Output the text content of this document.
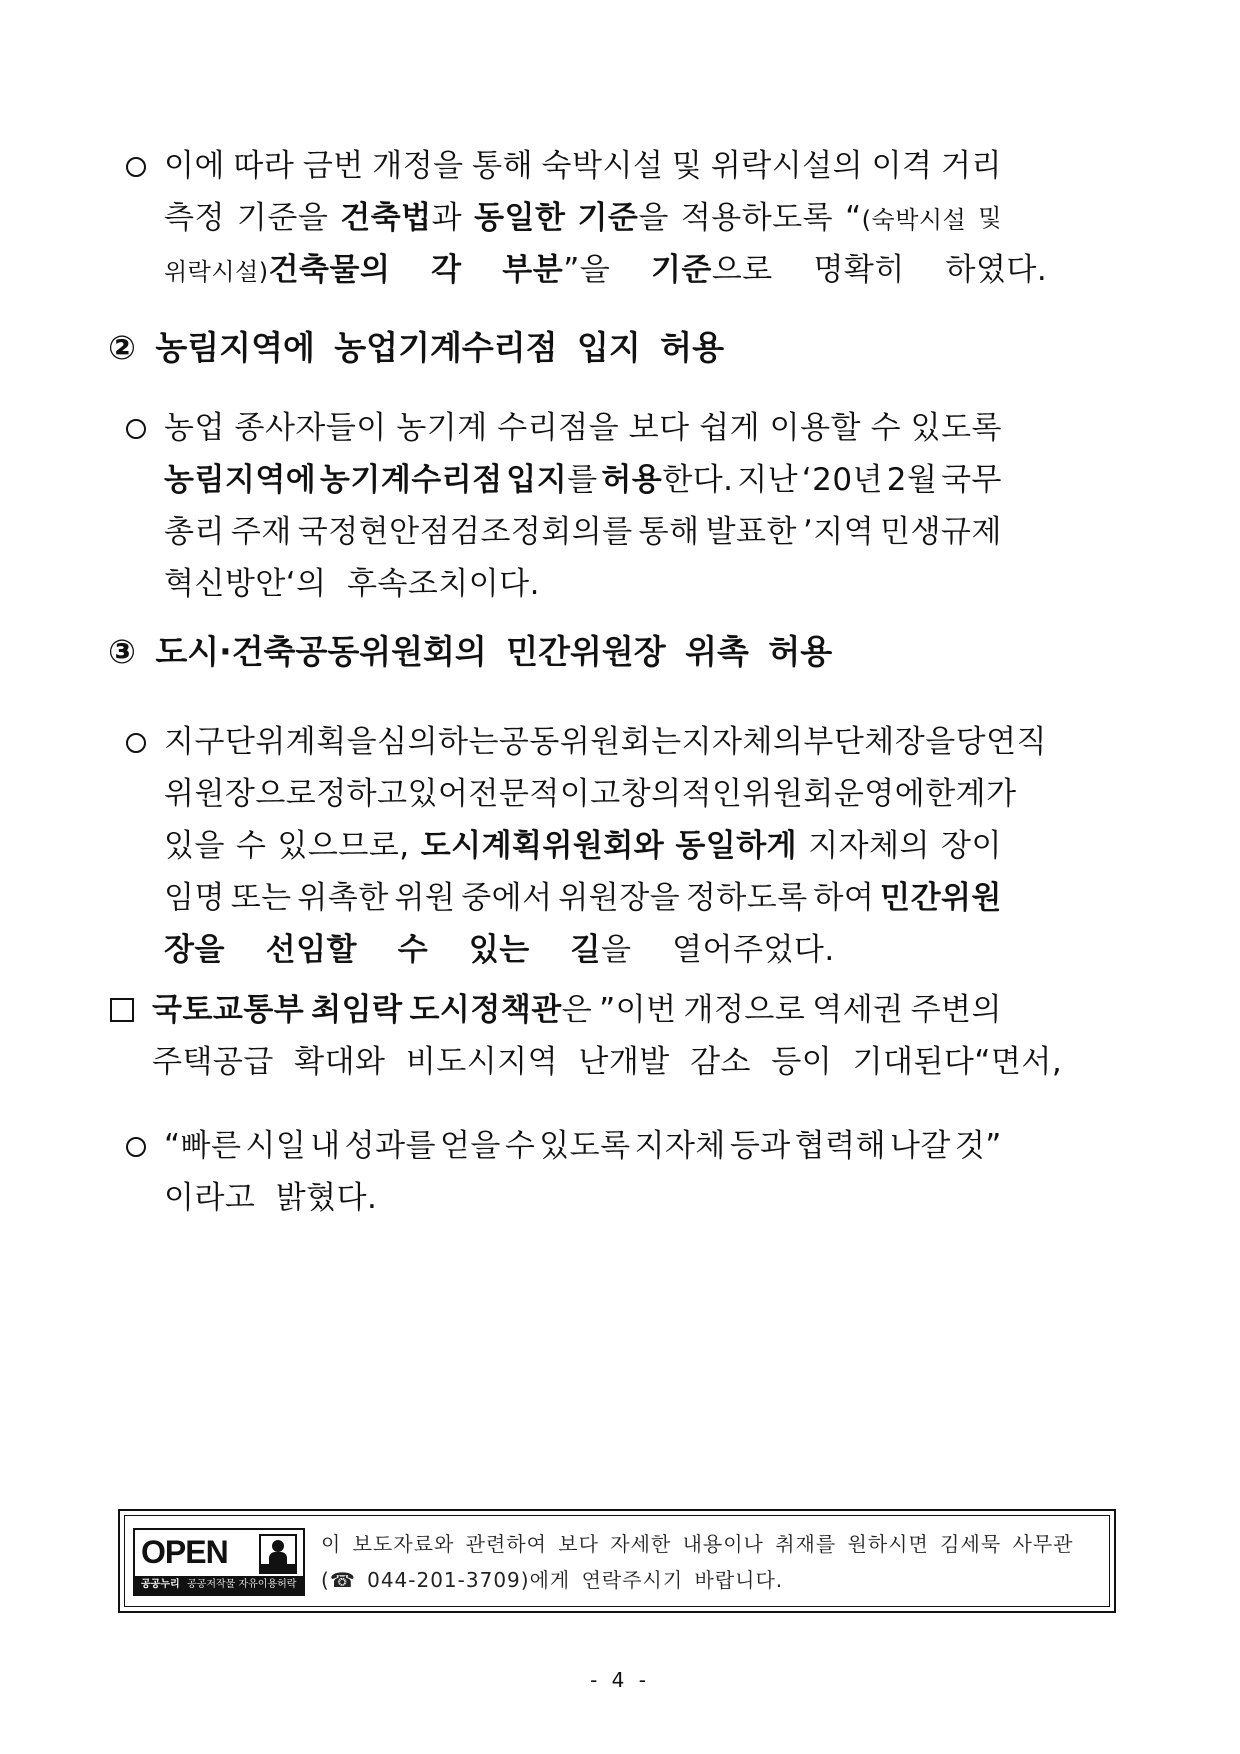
이에 따라 금번 개정을 통해 숙박시설 및 위락시설의 이격 거리
측정 기준을 건축법과 동일한 기준을 적용하도록 “(숙박시설 및
위락시설)건축물의
각
부분”을
기준으로
명확히
하였다.
② 농림지역에 농업기계수리점 입지 허용
농업 종사자들이 농기계 수리점을 보다 쉽게 이용할 수 있도록
농림지역에 농기계수리점 입지를 허용한다. 지난 ‘20년 2월 국무
총리 주재 국정현안점검조정회의를 통해 발표한 ’지역 민생규제
혁신방안‘의 후속조치이다.
③ 도시·건축공동위원회의 민간위원장 위촉 허용
지구단위계획을 심의하는 공동위원회는 지자체의 부단체장을 당연직
위원장으로 정하고 있어 전문적이고 창의적인 위원회 운영에 한계가
있을 수 있으므로, 도시계획위원회와 동일하게 지자체의 장이
임명 또는 위촉한 위원 중에서 위원장을 정하도록 하여 민간위원
장을
선임할
수
있는
길을
열어주었다.
국토교통부 최임락 도시정책관은 ”이번 개정으로 역세권 주변의
주택공급 확대와 비도시지역 난개발 감소 등이 기대된다“면서,
“빠른 시일 내 성과를 얻을 수 있도록 지자체 등과 협력해 나갈 것”
이라고 밝혔다.
OPEN
공공누리 공공저작물 자유이용허락
이 보도자료와 관련하여 보다 자세한 내용이나 취재를 원하시면 김세묵 사무관
(☎ 044-201-3709)에게 연락주시기 바랍니다.
- 4 -
